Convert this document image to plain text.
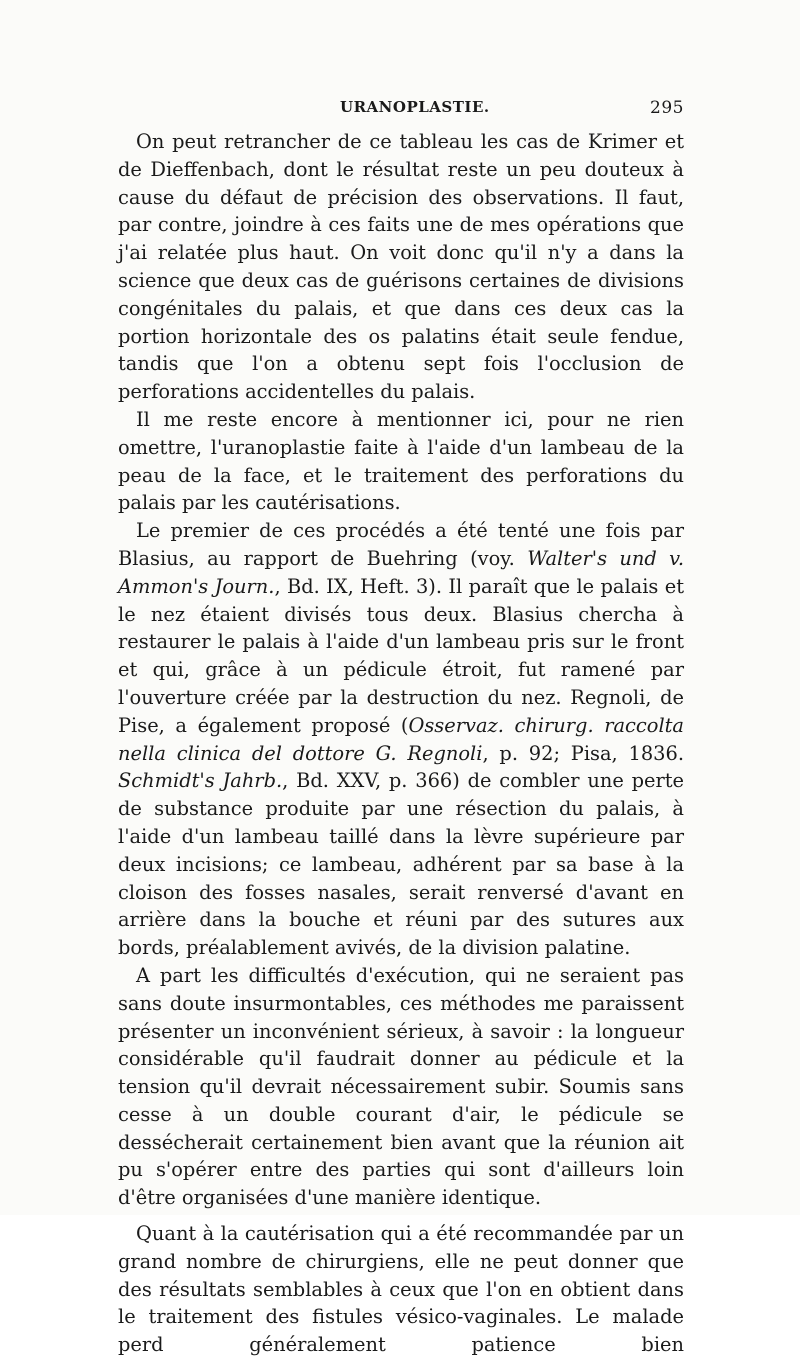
URANOPLASTIE.	295

On peut retrancher de ce tableau les cas de Krimer et de Dieffenbach, dont le résultat reste un peu douteux à cause du défaut de précision des observations. Il faut, par contre, joindre à ces faits une de mes opérations que j'ai relatée plus haut. On voit donc qu'il n'y a dans la science que deux cas de guérisons certaines de divisions congénitales du palais, et que dans ces deux cas la portion horizontale des os palatins était seule fendue, tandis que l'on a obtenu sept fois l'occlusion de perforations accidentelles du palais.

Il me reste encore à mentionner ici, pour ne rien omettre, l'uranoplastie faite à l'aide d'un lambeau de la peau de la face, et le traitement des perforations du palais par les cautérisations.

Le premier de ces procédés a été tenté une fois par Blasius, au rapport de Buehring (voy. Walter's und v. Ammon's Journ., Bd. IX, Heft. 3). Il paraît que le palais et le nez étaient divisés tous deux. Blasius chercha à restaurer le palais à l'aide d'un lambeau pris sur le front et qui, grâce à un pédicule étroit, fut ramené par l'ouverture créée par la destruction du nez. Regnoli, de Pise, a également proposé (Osservaz. chirurg. raccolta nella clinica del dottore G. Regnoli, p. 92; Pisa, 1836. Schmidt's Jahrb., Bd. XXV, p. 366) de combler une perte de substance produite par une résection du palais, à l'aide d'un lambeau taillé dans la lèvre supérieure par deux incisions; ce lambeau, adhérent par sa base à la cloison des fosses nasales, serait renversé d'avant en arrière dans la bouche et réuni par des sutures aux bords, préalablement avivés, de la division palatine.

A part les difficultés d'exécution, qui ne seraient pas sans doute insurmontables, ces méthodes me paraissent présenter un inconvénient sérieux, à savoir : la longueur considérable qu'il faudrait donner au pédicule et la tension qu'il devrait nécessairement subir. Soumis sans cesse à un double courant d'air, le pédicule se dessécherait certainement bien avant que la réunion ait pu s'opérer entre des parties qui sont d'ailleurs loin d'être organisées d'une manière identique.

Quant à la cautérisation qui a été recommandée par un grand nombre de chirurgiens, elle ne peut donner que des résultats semblables à ceux que l'on en obtient dans le traitement des fistules vésico-vaginales. Le malade perd généralement patience bien
